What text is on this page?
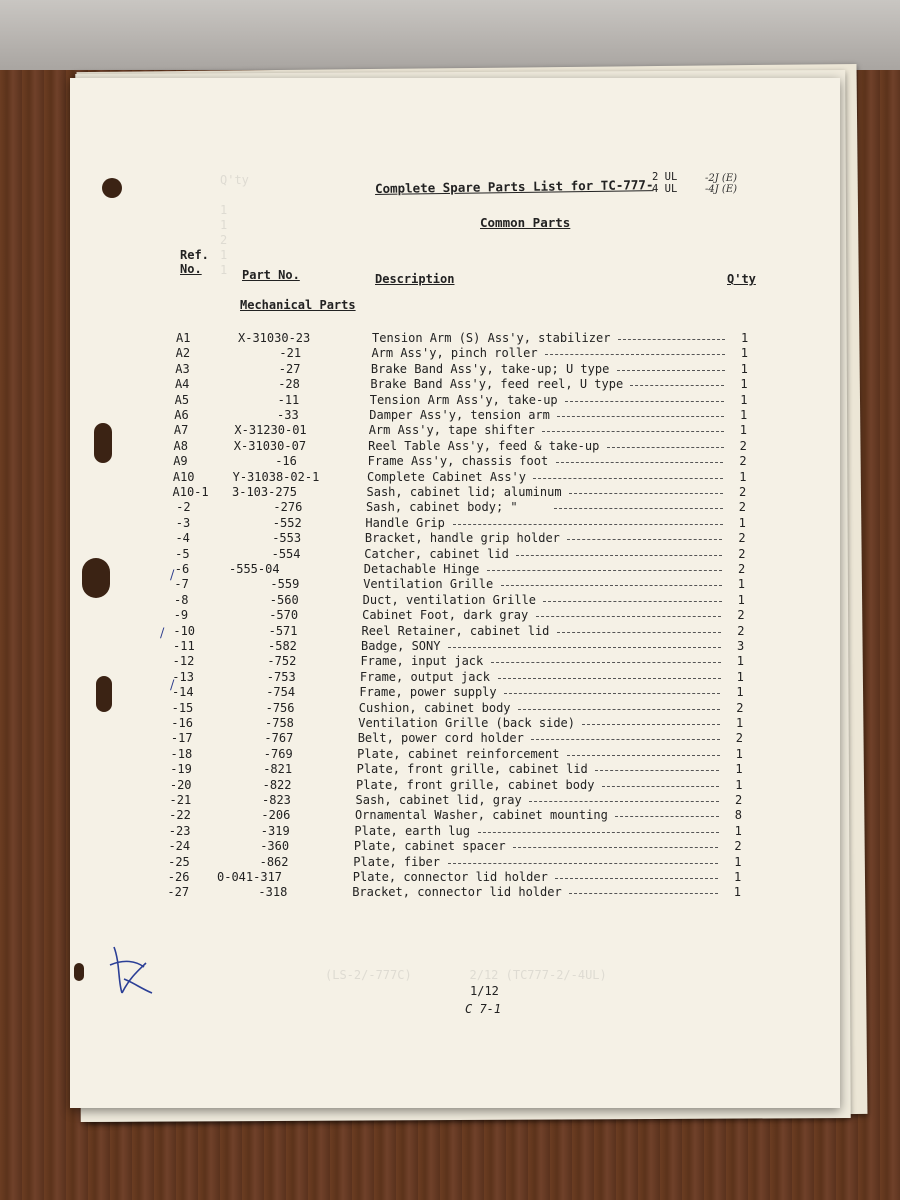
Q'ty
1
1
2
1
1
(LS-2/-777C)        2/12 (TC777-2/-4UL)
Complete Spare Parts List for TC-777-
2 UL
4 UL
-2J (E)
-4J (E)
Common Parts
Ref.
No.	Part No.	Description	Q'ty
Mechanical Parts
A1	X-31030-23	Tension Arm (S) Ass'y, stabilizer	1
A2	-21	Arm Ass'y, pinch roller	1
A3	-27	Brake Band Ass'y, take-up; U type	1
A4	-28	Brake Band Ass'y, feed reel, U type	1
A5	-11	Tension Arm Ass'y, take-up	1
A6	-33	Damper Ass'y, tension arm	1
A7	X-31230-01	Arm Ass'y, tape shifter	1
A8	X-31030-07	Reel Table Ass'y, feed & take-up	2
A9	-16	Frame Ass'y, chassis foot	2
A10	Y-31038-02-1	Complete Cabinet Ass'y	1
A10-1 3-103-275	Sash, cabinet lid; aluminum	2
-2	-276	Sash, cabinet body; "	2
-3	-552	Handle Grip	1
-4	-553	Bracket, handle grip holder	2
-5	-554	Catcher, cabinet lid	2
-6	-555-04	Detachable Hinge	2
-7	-559	Ventilation Grille	1
-8	-560	Duct, ventilation Grille	1
-9	-570	Cabinet Foot, dark gray	2
-10	-571	Reel Retainer, cabinet lid	2
-11	-582	Badge, SONY	3
-12	-752	Frame, input jack	1
-13	-753	Frame, output jack	1
-14	-754	Frame, power supply	1
-15	-756	Cushion, cabinet body	2
-16	-758	Ventilation Grille (back side)	1
-17	-767	Belt, power cord holder	2
-18	-769	Plate, cabinet reinforcement	1
-19	-821	Plate, front grille, cabinet lid	1
-20	-822	Plate, front grille, cabinet body	1
-21	-823	Sash, cabinet lid, gray	2
-22	-206	Ornamental Washer, cabinet mounting	8
-23	-319	Plate, earth lug	1
-24	-360	Plate, cabinet spacer	2
-25	-862	Plate, fiber	1
-26 0-041-317	Plate, connector lid holder	1
-27	-318	Bracket, connector lid holder	1
/
/
/
1/12
C 7-1
